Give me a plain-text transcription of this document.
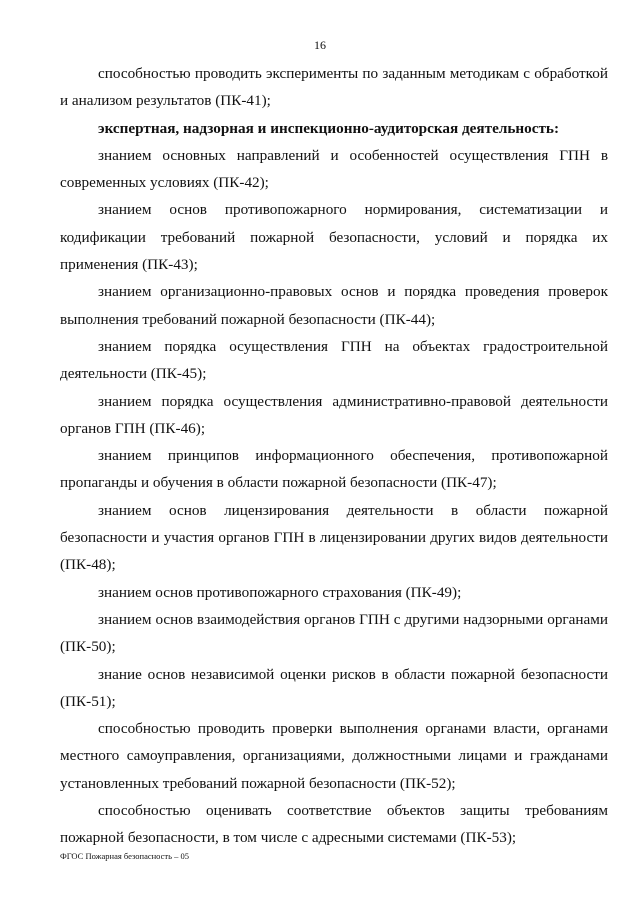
16

способностью проводить эксперименты по заданным методикам с обработкой и анализом результатов (ПК-41);

экспертная, надзорная и инспекционно-аудиторская деятельность:

знанием основных направлений и особенностей осуществления ГПН в современных условиях (ПК-42);

знанием основ противопожарного нормирования, систематизации и кодификации требований пожарной безопасности, условий и порядка их применения (ПК-43);

знанием организационно-правовых основ и порядка проведения проверок выполнения требований пожарной безопасности (ПК-44);

знанием порядка осуществления ГПН на объектах градостроительной деятельности (ПК-45);

знанием порядка осуществления административно-правовой деятельности органов ГПН (ПК-46);

знанием принципов информационного обеспечения, противопожарной пропаганды и обучения в области пожарной безопасности (ПК-47);

знанием основ лицензирования деятельности в области пожарной безопасности и участия органов ГПН в лицензировании других видов деятельности (ПК-48);

знанием основ противопожарного страхования (ПК-49);

знанием основ взаимодействия органов ГПН с другими надзорными органами (ПК-50);

знание основ независимой оценки рисков в области пожарной безопасности (ПК-51);

способностью проводить проверки выполнения органами власти, органами местного самоуправления, организациями, должностными лицами и гражданами установленных требований пожарной безопасности (ПК-52);

способностью оценивать соответствие объектов защиты требованиям пожарной безопасности, в том числе с адресными системами (ПК-53);

ФГОС Пожарная безопасность – 05
